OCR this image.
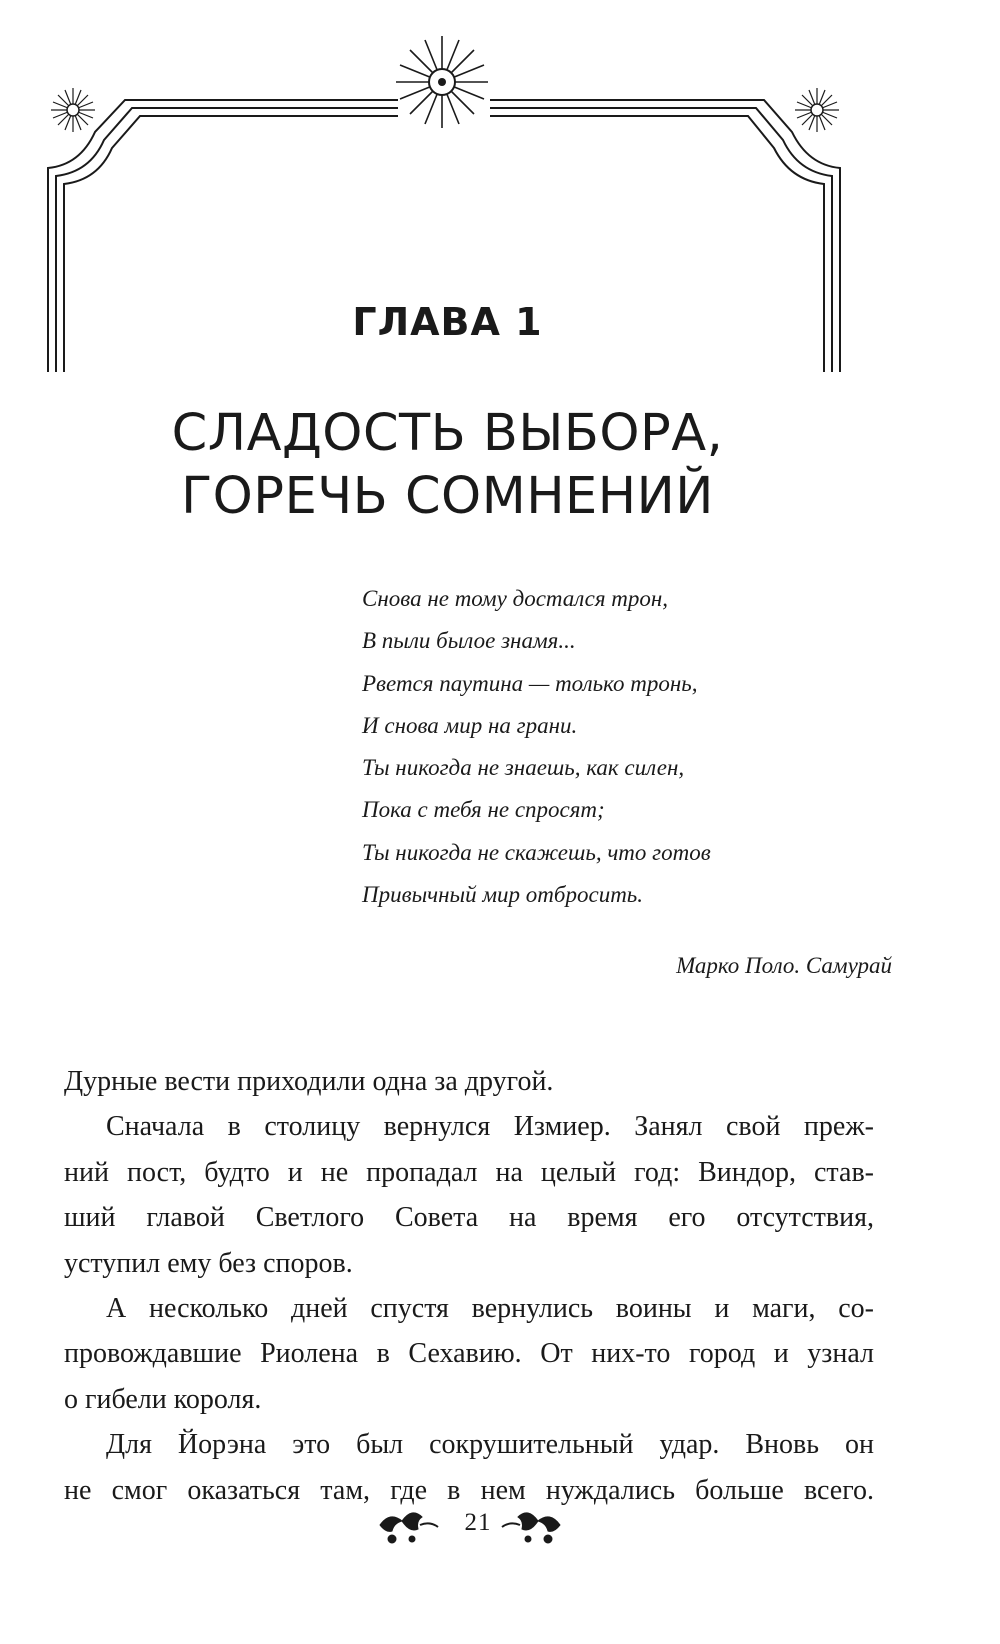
ГЛАВА 1
СЛАДОСТЬ ВЫБОРА,
ГОРЕЧЬ СОМНЕНИЙ
Снова не тому достался трон,
В пыли былое знамя...
Рвется паутина — только тронь,
И снова мир на грани.
Ты никогда не знаешь, как силен,
Пока с тебя не спросят;
Ты никогда не скажешь, что готов
Привычный мир отбросить.
Марко Поло. Самурай
Дурные вести приходили одна за другой.
Сначала в столицу вернулся Измиер. Занял свой преж-
ний пост, будто и не пропадал на целый год: Виндор, став-
ший главой Светлого Совета на время его отсутствия,
уступил ему без споров.
А несколько дней спустя вернулись воины и маги, со-
провождавшие Риолена в Сехавию. От них-то город и узнал
о гибели короля.
Для Йорэна это был сокрушительный удар. Вновь он
не смог оказаться там, где в нем нуждались больше всего.
21
